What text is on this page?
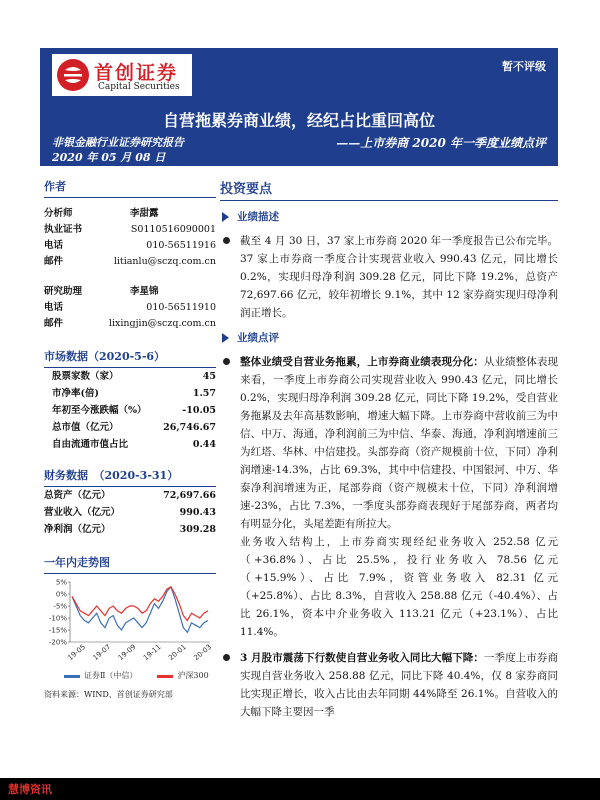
首创证券
Capital Securities
暂不评级
自营拖累券商业绩，经纪占比重回高位
非银金融行业证券研究报告
2020 年 05 月 08 日
——上市券商 2020 年一季度业绩点评
作者
分析师	李甜露
执业证书	S0110516090001
电话	010-56511916
邮件	litianlu@sczq.com.cn
研究助理	李星锦
电话	010-56511910
邮件	lixingjin@sczq.com.cn
市场数据（2020-5-6）
股票家数（家）	45
市净率(倍)	1.57
年初至今涨跌幅（%）	-10.05
总市值（亿元）	26,746.67
自由流通市值占比	0.44
财务数据　（2020-3-31）
总资产（亿元）	72,697.66
营业收入（亿元）	990.43
净利润（亿元）	309.28
一年内走势图
5%
0%
-5%
-10%
-15%
-20%
19-05 19-07 19-09 19-11 20-01 20-03
证券Ⅱ（中信）	沪深300
资料来源：WIND、首创证券研究部
投资要点
业绩描述
截至 4 月 30 日，37 家上市券商 2020 年一季度报告已公布完毕。37 家上市券商一季度合计实现营业收入 990.43 亿元，同比增长 0.2%，实现归母净利润 309.28 亿元，同比下降 19.2%，总资产 72,697.66 亿元，较年初增长 9.1%，其中 12 家券商实现归母净利润正增长。
业绩点评
整体业绩受自营业务拖累，上市券商业绩表现分化：从业绩整体表现来看，一季度上市券商公司实现营业收入 990.43 亿元，同比增长 0.2%，实现归母净利润 309.28 亿元，同比下降 19.2%，受自营业务拖累及去年高基数影响，增速大幅下降。上市券商中营收前三为中信、中万、海通，净利润前三为中信、华泰、海通，净利润增速前三为红塔、华林、中信建投。头部券商（资产规模前十位，下同）净利润增速-14.3%，占比 69.3%，其中中信建投、中国银河、中万、华泰净利润增速为正，尾部券商（资产规模末十位，下同）净利润增速-23%，占比 7.3%，一季度头部券商表现好于尾部券商，两者均有明显分化，头尾差距有所拉大。
业务收入结构上，上市券商实现经纪业务收入 252.58 亿元（+36.8%）、占比 25.5%，投行业务收入 78.56 亿元（+15.9%）、占比 7.9%，资管业务收入 82.31 亿元（+25.8%）、占比 8.3%，自营收入 258.88 亿元（-40.4%）、占比 26.1%，资本中介业务收入 113.21 亿元（+23.1%）、占比 11.4%。
3 月股市震荡下行数使自营业务收入同比大幅下降：一季度上市券商实现自营业务收入 258.88 亿元，同比下降 40.4%，仅 8 家券商同比实现正增长，收入占比由去年同期 44%降至 26.1%。自营收入的大幅下降主要因一季
慧博资讯
